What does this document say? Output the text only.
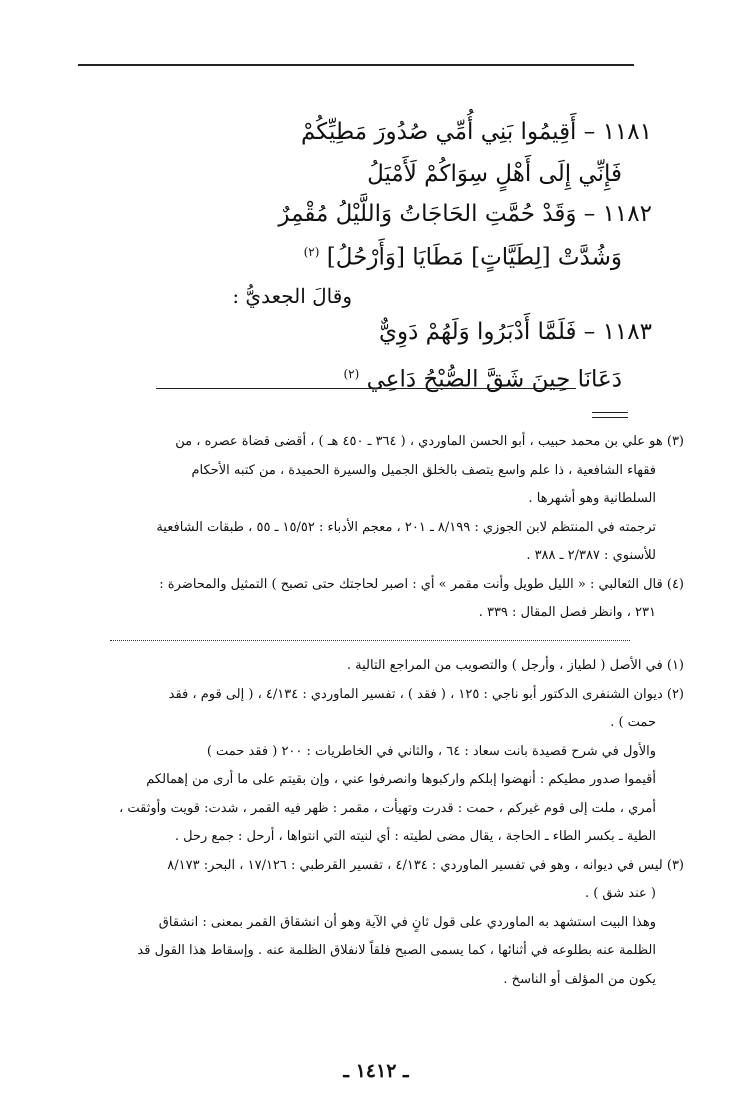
١١٨١ – أَقِيمُوا بَنِي أُمِّي صُدُورَ مَطِيِّكُمْ
فَإِنِّي إِلَى أَهْلٍ سِوَاكُمْ لَأَمْيَلُ
١١٨٢ – وَقَدْ حُمَّتِ الحَاجَاتُ وَاللَّيْلُ مُقْمِرٌ
وَشُدَّتْ [لِطَيَّاتٍ] مَطَايَا [وَأَرْحُلُ] $^{(٢)}$
وقالَ الجعديُّ :
١١٨٣ – فَلَمَّا أَدْبَرُوا وَلَهُمْ دَوِيٌّ
دَعَانَا حِينَ شَقَّ الصُّبْحُ دَاعِي $^{(٢)}$

(٣) هو علي بن محمد حبيب ، أبو الحسن الماوردي ، ( ٣٦٤ ـ ٤٥٠ هـ ) ، أقضى قضاة عصره ، من

فقهاء الشافعية ، ذا علم واسع يتصف بالخلق الجميل والسيرة الحميدة ، من كتبه الأحكام

السلطانية وهو أشهرها .

ترجمته في المنتظم لابن الجوزي : ٨/١٩٩ ـ ٢٠١ ، معجم الأدباء : ١٥/٥٢ ـ ٥٥ ، طبقات الشافعية

للأسنوي : ٢/٣٨٧ ـ ٣٨٨ .

(٤) قال الثعالبي : « الليل طويل وأنت مقمر » أي : اصبر لحاجتك حتى تصبح ) التمثيل والمحاضرة :

٢٣١ ، وانظر فصل المقال : ٣٣٩ .

(١) في الأصل ( لطياز ، وأرجل ) والتصويب من المراجع التالية .

(٢) ديوان الشنفرى الدكتور أبو ناجي : ١٢٥ ، ( فقد ) ، تفسير الماوردي : ٤/١٣٤ ، ( إلى قوم ، فقد

حمت ) .

والأول في شرح قصيدة بانت سعاد : ٦٤ ، والثاني في الخاطريات : ٢٠٠ ( فقد حمت )

أقيموا صدور مطيكم : أنهضوا إبلكم واركبوها وانصرفوا عني ، وإن بقيتم على ما أرى من إهمالكم

أمري ، ملت إلى قوم غيركم ، حمت : قدرت وتهيأت ، مقمر : ظهر فيه القمر ، شدت: قويت وأوثقت ،

الطية ـ بكسر الطاء ـ الحاجة ، يقال مضى لطيته : أي لنيته التي انتواها ، أرحل : جمع رحل .

(٣) ليس في ديوانه ، وهو في تفسير الماوردي : ٤/١٣٤ ، تفسير القرطبي : ١٧/١٢٦ ، البحر: ٨/١٧٣

( عند شق ) .

وهذا البيت استشهد به الماوردي على قول ثانٍ في الآية وهو أن انشقاق القمر بمعنى : انشقاق

الظلمة عنه بطلوعه في أثنائها ، كما يسمى الصبح فلقاً لانفلاق الظلمة عنه . وإسقاط هذا القول قد

يكون من المؤلف أو الناسخ .

ـ ١٤١٢ ـ
